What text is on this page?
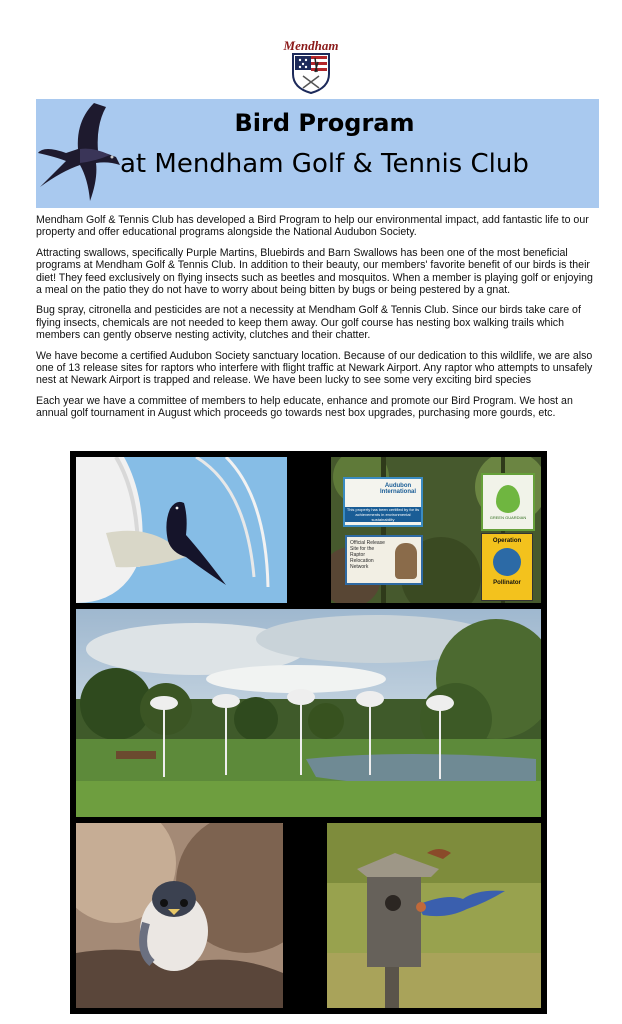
Mendham
Bird Program
at Mendham Golf & Tennis Club

Mendham Golf & Tennis Club has developed a Bird Program to help our environmental impact, add fantastic life to our property and offer educational programs alongside the National Audubon Society.

Attracting swallows, specifically Purple Martins, Bluebirds and Barn Swallows has been one of the most beneficial programs at Mendham Golf & Tennis Club. In addition to their beauty, our members' favorite benefit of our birds is their diet! They feed exclusively on flying insects such as beetles and mosquitos. When a member is playing golf or enjoying a meal on the patio they do not have to worry about being bitten by bugs or being pestered by a gnat.

Bug spray, citronella and pesticides are not a necessity at Mendham Golf & Tennis Club. Since our birds take care of flying insects, chemicals are not needed to keep them away. Our golf course has nesting box walking trails which members can gently observe nesting activity, clutches and their chatter.

We have become a certified Audubon Society sanctuary location. Because of our dedication to this wildlife, we are also one of 13 release sites for raptors who interfere with flight traffic at Newark Airport. Any raptor who attempts to unsafely nest at Newark Airport is trapped and release. We have been lucky to see some very exciting bird species

Each year we have a committee of members to help educate, enhance and promote our Bird Program. We host an annual golf tournament in August which proceeds go towards nest box upgrades, purchasing more gourds, etc.

Audubon International
This property has been certified by for its achievements in environmental sustainability
Official Release Site for the Raptor Relocation Network
GREEN GUARDIAN
Operation
Pollinator
